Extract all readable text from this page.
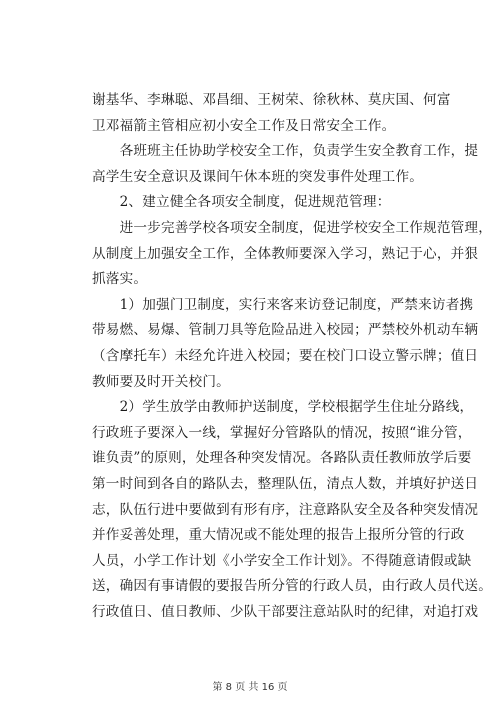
谢基华、李琳聪、邓昌细、王树荣、徐秋林、莫庆国、何富
卫邓福箭主管相应初小安全工作及日常安全工作。
　　各班班主任协助学校安全工作，负责学生安全教育工作，提
高学生安全意识及课间午休本班的突发事件处理工作。
　　2、建立健全各项安全制度，促进规范管理：
　　进一步完善学校各项安全制度，促进学校安全工作规范管理，
从制度上加强安全工作，全体教师要深入学习，熟记于心，并狠
抓落实。
　　1）加强门卫制度，实行来客来访登记制度，严禁来访者携
带易燃、易爆、管制刀具等危险品进入校园；严禁校外机动车辆
（含摩托车）未经允许进入校园；要在校门口设立警示牌；值日
教师要及时开关校门。
　　2）学生放学由教师护送制度，学校根据学生住址分路线，
行政班子要深入一线，掌握好分管路队的情况，按照“谁分管，
谁负责”的原则，处理各种突发情况。各路队责任教师放学后要
第一时间到各自的路队去，整理队伍，清点人数，并填好护送日
志，队伍行进中要做到有形有序，注意路队安全及各种突发情况
并作妥善处理，重大情况或不能处理的报告上报所分管的行政
人员，小学工作计划《小学安全工作计划》。不得随意请假或缺
送，确因有事请假的要报告所分管的行政人员，由行政人员代送。
行政值日、值日教师、少队干部要注意站队时的纪律，对追打戏

第 8 页 共 16 页
